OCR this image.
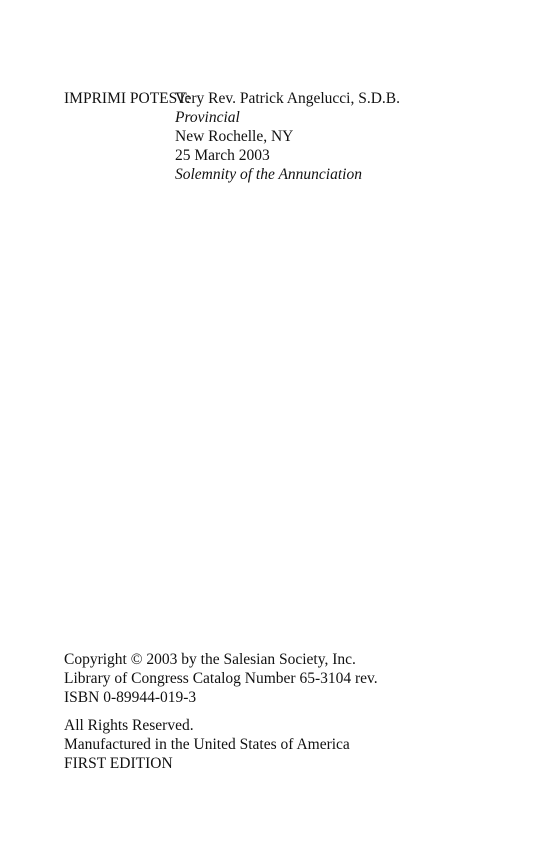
IMPRIMI POTEST:
Very Rev. Patrick Angelucci, S.D.B.
Provincial
New Rochelle, NY
25 March 2003
Solemnity of the Annunciation
Copyright © 2003 by the Salesian Society, Inc.
Library of Congress Catalog Number 65-3104 rev.
ISBN 0-89944-019-3
All Rights Reserved.
Manufactured in the United States of America
FIRST EDITION
